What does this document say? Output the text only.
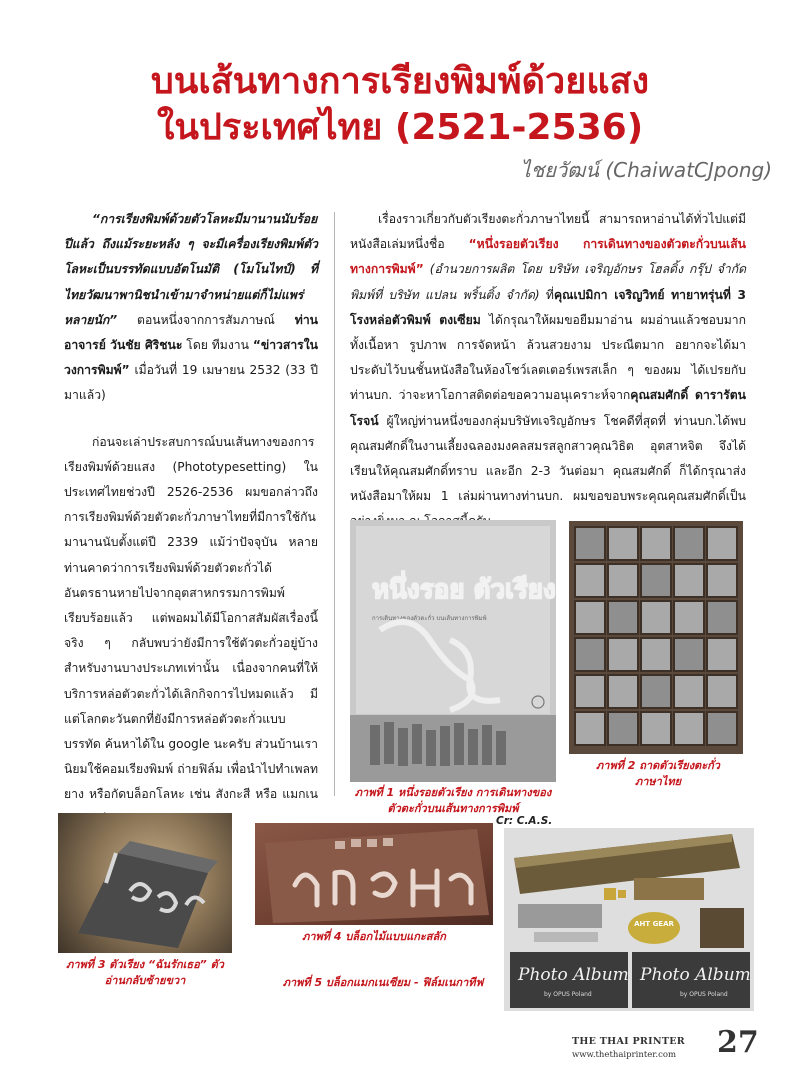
บนเส้นทางการเรียงพิมพ์ด้วยแสง
ในประเทศไทย (2521-2536)
ไชยวัฒน์ (ChaiwatCJpong)

“การเรียงพิมพ์ด้วยตัวโลหะมีมานานนับร้อยปีแล้ว ถึงแม้ระยะหลัง ๆ จะมีเครื่องเรียงพิมพ์ตัวโลหะเป็นบรรทัดแบบอัตโนมัติ (โมโนไทป์) ที่ไทยวัฒนาพานิชนำเข้ามาจำหน่ายแต่ก็ไม่แพร่หลายนัก” ตอนหนึ่งจากการสัมภาษณ์ ท่านอาจารย์ วันชัย ศิริชนะ โดย ทีมงาน “ข่าวสารในวงการพิมพ์” เมื่อวันที่ 19 เมษายน 2532 (33 ปีมาแล้ว)

ก่อนจะเล่าประสบการณ์บนเส้นทางของการเรียงพิมพ์ด้วยแสง (Phototypesetting) ในประเทศไทยช่วงปี 2526-2536 ผมขอกล่าวถึงการเรียงพิมพ์ด้วยตัวตะกั่วภาษาไทยที่มีการใช้กันมานานนับตั้งแต่ปี 2339 แม้ว่าปัจจุบัน หลายท่านคาดว่าการเรียงพิมพ์ด้วยตัวตะกั่วได้อันตรธานหายไปจากอุตสาหกรรมการพิมพ์เรียบร้อยแล้ว แต่พอผมได้มีโอกาสสัมผัสเรื่องนี้จริง ๆ กลับพบว่ายังมีการใช้ตัวตะกั่วอยู่บ้างสำหรับงานบางประเภทเท่านั้น เนื่องจากคนที่ให้บริการหล่อตัวตะกั่วได้เลิกกิจการไปหมดแล้ว มีแต่โลกตะวันตกที่ยังมีการหล่อตัวตะกั่วแบบบรรทัด ค้นหาได้ใน google นะครับ ส่วนบ้านเรานิยมใช้คอมเรียงพิมพ์ ถ่ายฟิล์ม เพื่อนำไปทำเพลทยาง หรือกัดบล็อกโลหะ เช่น สังกะสี หรือ แมกเน

เรื่องราวเกี่ยวกับตัวเรียงตะกั่วภาษาไทยนี้ สามารถหาอ่านได้ทั่วไปแต่มีหนังสือเล่มหนึ่งชื่อ “หนึ่งรอยตัวเรียง การเดินทางของตัวตะกั่วบนเส้นทางการพิมพ์” (อำนวยการผลิต โดย บริษัท เจริญอักษร โฮลดิ้ง กรุ๊ป จำกัด พิมพ์ที่ บริษัท แปลน พริ้นติ้ง จำกัด) ที่คุณเปมิกา เจริญวิทย์ ทายาทรุ่นที่ 3 โรงหล่อตัวพิมพ์ ตงเซียม ได้กรุณาให้ผมขอยืมมาอ่าน ผมอ่านแล้วชอบมาก ทั้งเนื้อหา รูปภาพ การจัดหน้า ล้วนสวยงาม ประณีตมาก อยากจะได้มาประดับไว้บนชั้นหนังสือในห้องโชว์เลตเตอร์เพรสเล็ก ๆ ของผม ได้เปรยกับ ท่านบก. ว่าจะหาโอกาสติดต่อขอความอนุเคราะห์จากคุณสมศักดิ์ ดารารัตนโรจน์ ผู้ใหญ่ท่านหนึ่งของกลุ่มบริษัทเจริญอักษร โชคดีที่สุดที่ ท่านบก.ได้พบคุณสมศักดิ์ในงานเลี้ยงฉลองมงคลสมรสลูกสาวคุณวิธิต อุตสาหจิต จึงได้เรียนให้คุณสมศักดิ์ทราบ และอีก 2-3 วันต่อมา คุณสมศักดิ์ ก็ได้กรุณาส่งหนังสือมาให้ผม 1 เล่มผ่านทางท่านบก. ผมขอขอบพระคุณคุณสมศักดิ์เป็น

หนึ่งรอย ตัวเรียง
การเดินทางของตัวตะกั่ว บนเส้นทางการพิมพ์
ภาพที่ 1 หนึ่งรอยตัวเรียง การเดินทางของตัวตะกั่วบนเส้นทางการพิมพ์
Cr: C.A.S.
ภาพที่ 2 ถาดตัวเรียงตะกั่วภาษาไทย
ภาพที่ 3 ตัวเรียง “ฉันรักเธอ” ตัวอ่านกลับซ้ายขวา
ภาพที่ 4 บล็อกไม้แบบแกะสลัก
AHT GEAR
Photo Album
by OPUS Poland
Photo Album
by OPUS Poland
ภาพที่ 5 บล็อกแมกเนเซียม - ฟิล์มเนกาทีฟ
THE THAI PRINTER
www.thethaiprinter.com 27
